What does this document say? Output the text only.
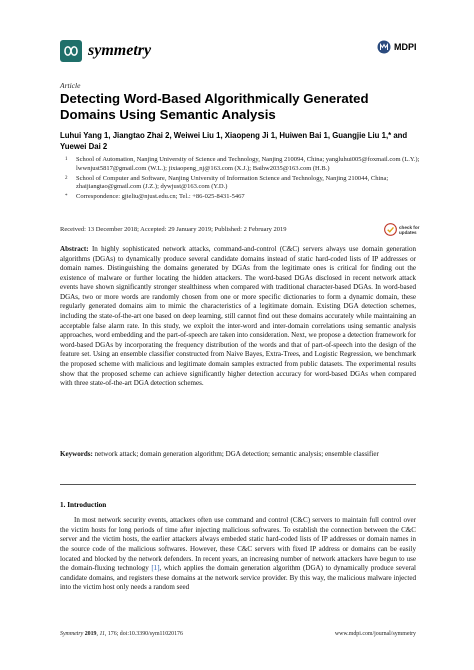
symmetry	MDPI
Article
Detecting Word-Based Algorithmically Generated Domains Using Semantic Analysis
Luhui Yang 1, Jiangtao Zhai 2, Weiwei Liu 1, Xiaopeng Ji 1, Huiwen Bai 1, Guangjie Liu 1,* and Yuewei Dai 2
1 School of Automation, Nanjing University of Science and Technology, Nanjing 210094, China; yangluhui005@foxmail.com (L.Y.); lwwnjust5817@gmail.com (W.L.); jixiaopeng_nj@163.com (X.J.); Baihw2035@163.com (H.B.)
2 School of Computer and Software, Nanjing University of Information Science and Technology, Nanjing 210044, China; zhaijiangtao@gmail.com (J.Z.); dywjust@163.com (Y.D.)
* Correspondence: gjieliu@njust.edu.cn; Tel.: +86-025-8431-5467
Received: 13 December 2018; Accepted: 29 January 2019; Published: 2 February 2019	check for
updates
Abstract: In highly sophisticated network attacks, command-and-control (C&C) servers always use domain generation algorithms (DGAs) to dynamically produce several candidate domains instead of static hard-coded lists of IP addresses or domain names. Distinguishing the domains generated by DGAs from the legitimate ones is critical for finding out the existence of malware or further locating the hidden attackers. The word-based DGAs disclosed in recent network attack events have shown significantly stronger stealthiness when compared with traditional character-based DGAs. In word-based DGAs, two or more words are randomly chosen from one or more specific dictionaries to form a dynamic domain, these regularly generated domains aim to mimic the characteristics of a legitimate domain. Existing DGA detection schemes, including the state-of-the-art one based on deep learning, still cannot find out these domains accurately while maintaining an acceptable false alarm rate. In this study, we exploit the inter-word and inter-domain correlations using semantic analysis approaches, word embedding and the part-of-speech are taken into consideration. Next, we propose a detection framework for word-based DGAs by incorporating the frequency distribution of the words and that of part-of-speech into the design of the feature set. Using an ensemble classifier constructed from Naive Bayes, Extra-Trees, and Logistic Regression, we benchmark the proposed scheme with malicious and legitimate domain samples extracted from public datasets. The experimental results show that the proposed scheme can achieve significantly higher detection accuracy for word-based DGAs when compared with three state-of-the-art DGA detection schemes.
Keywords: network attack; domain generation algorithm; DGA detection; semantic analysis; ensemble classifier
1. Introduction
In most network security events, attackers often use command and control (C&C) servers to maintain full control over the victim hosts for long periods of time after injecting malicious softwares. To establish the connection between the C&C server and the victim hosts, the earlier attackers always embeded static hard-coded lists of IP addresses or domain names in the source code of the malicious softwares. However, these C&C servers with fixed IP address or domains can be easily located and blocked by the network defenders. In recent years, an increasing number of network attackers have begun to use the domain-fluxing technology [1], which applies the domain generation algorithm (DGA) to dynamically produce several candidate domains, and registers these domains at the network service provider. By this way, the malicious malware injected into the victim host only needs a random seed
Symmetry 2019, 11, 176; doi:10.3390/sym11020176	www.mdpi.com/journal/symmetry
